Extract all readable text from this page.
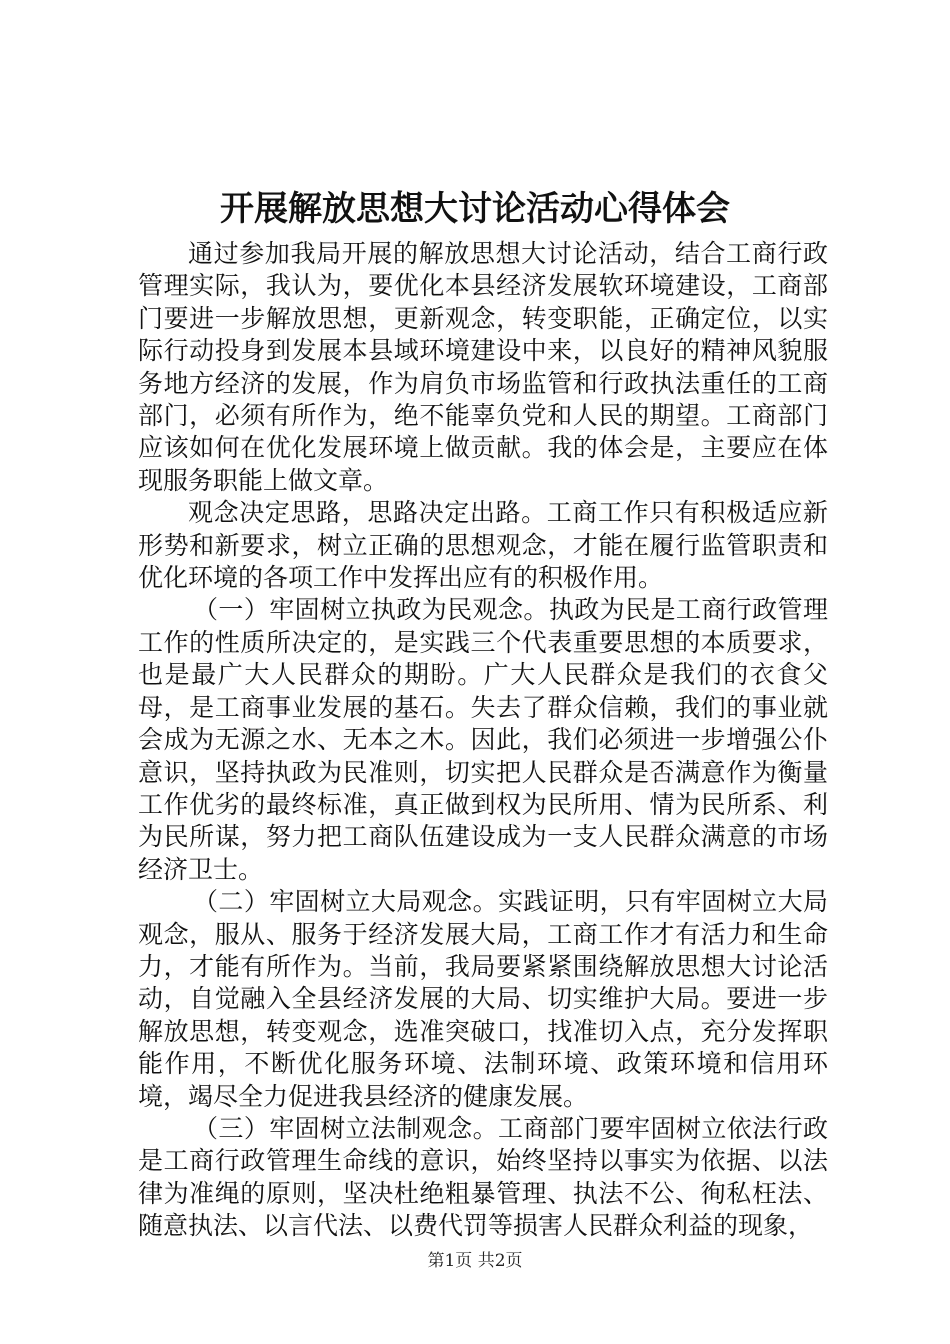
开展解放思想大讨论活动心得体会

通过参加我局开展的解放思想大讨论活动，结合工商行政管理实际，我认为，要优化本县经济发展软环境建设，工商部门要进一步解放思想，更新观念，转变职能，正确定位，以实际行动投身到发展本县域环境建设中来，以良好的精神风貌服务地方经济的发展，作为肩负市场监管和行政执法重任的工商部门，必须有所作为，绝不能辜负党和人民的期望。工商部门应该如何在优化发展环境上做贡献。我的体会是，主要应在体现服务职能上做文章。

观念决定思路，思路决定出路。工商工作只有积极适应新形势和新要求，树立正确的思想观念，才能在履行监管职责和优化环境的各项工作中发挥出应有的积极作用。

（一）牢固树立执政为民观念。执政为民是工商行政管理工作的性质所决定的，是实践三个代表重要思想的本质要求，也是最广大人民群众的期盼。广大人民群众是我们的衣食父母，是工商事业发展的基石。失去了群众信赖，我们的事业就会成为无源之水、无本之木。因此，我们必须进一步增强公仆意识，坚持执政为民准则，切实把人民群众是否满意作为衡量工作优劣的最终标准，真正做到权为民所用、情为民所系、利为民所谋，努力把工商队伍建设成为一支人民群众满意的市场经济卫士。

（二）牢固树立大局观念。实践证明，只有牢固树立大局观念，服从、服务于经济发展大局，工商工作才有活力和生命力，才能有所作为。当前，我局要紧紧围绕解放思想大讨论活动，自觉融入全县经济发展的大局、切实维护大局。要进一步解放思想，转变观念，选准突破口，找准切入点，充分发挥职能作用，不断优化服务环境、法制环境、政策环境和信用环境，竭尽全力促进我县经济的健康发展。

（三）牢固树立法制观念。工商部门要牢固树立依法行政是工商行政管理生命线的意识，始终坚持以事实为依据、以法律为准绳的原则，坚决杜绝粗暴管理、执法不公、徇私枉法、随意执法、以言代法、以费代罚等损害人民群众利益的现象，

第1页 共2页
